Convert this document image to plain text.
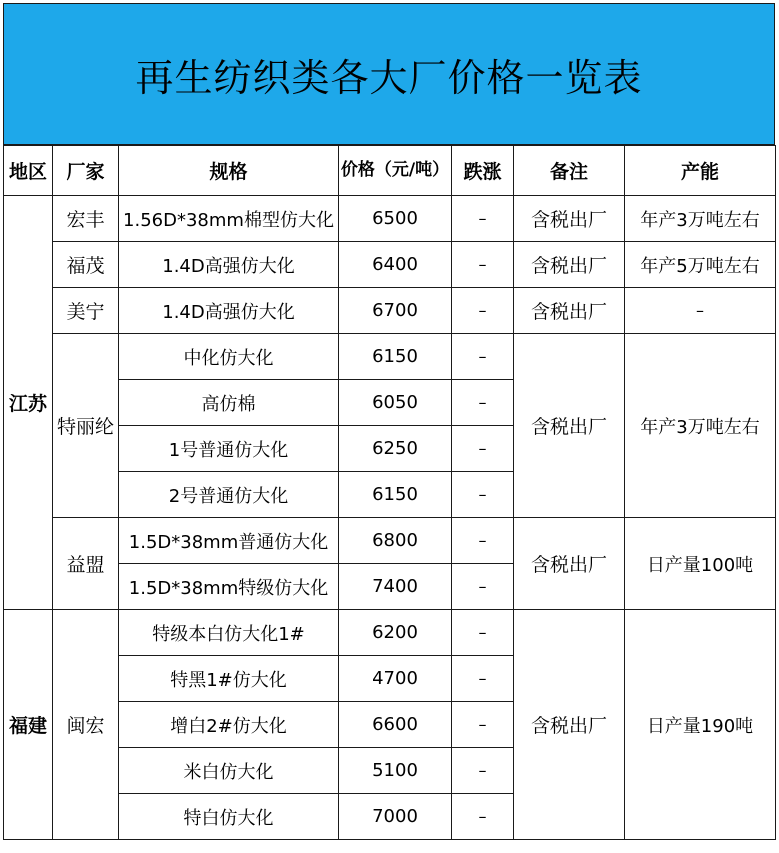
再生纺织类各大厂价格一览表
地区	厂家	规格	价格（元/吨）	跌涨	备注	产能
江苏	宏丰	1.56D*38mm棉型仿大化	6500	–	含税出厂	年产3万吨左右
	福茂	1.4D高强仿大化	6400	–	含税出厂	年产5万吨左右
	美宁	1.4D高强仿大化	6700	–	含税出厂	–
	特丽纶	中化仿大化	6150	–	含税出厂	年产3万吨左右
		高仿棉	6050	–		
		1号普通仿大化	6250	–		
		2号普通仿大化	6150	–		
	益盟	1.5D*38mm普通仿大化	6800	–	含税出厂	日产量100吨
		1.5D*38mm特级仿大化	7400	–		
福建	闽宏	特级本白仿大化1#	6200	–	含税出厂	日产量190吨
		特黑1#仿大化	4700	–		
		增白2#仿大化	6600	–		
		米白仿大化	5100	–		
		特白仿大化	7000	–		
